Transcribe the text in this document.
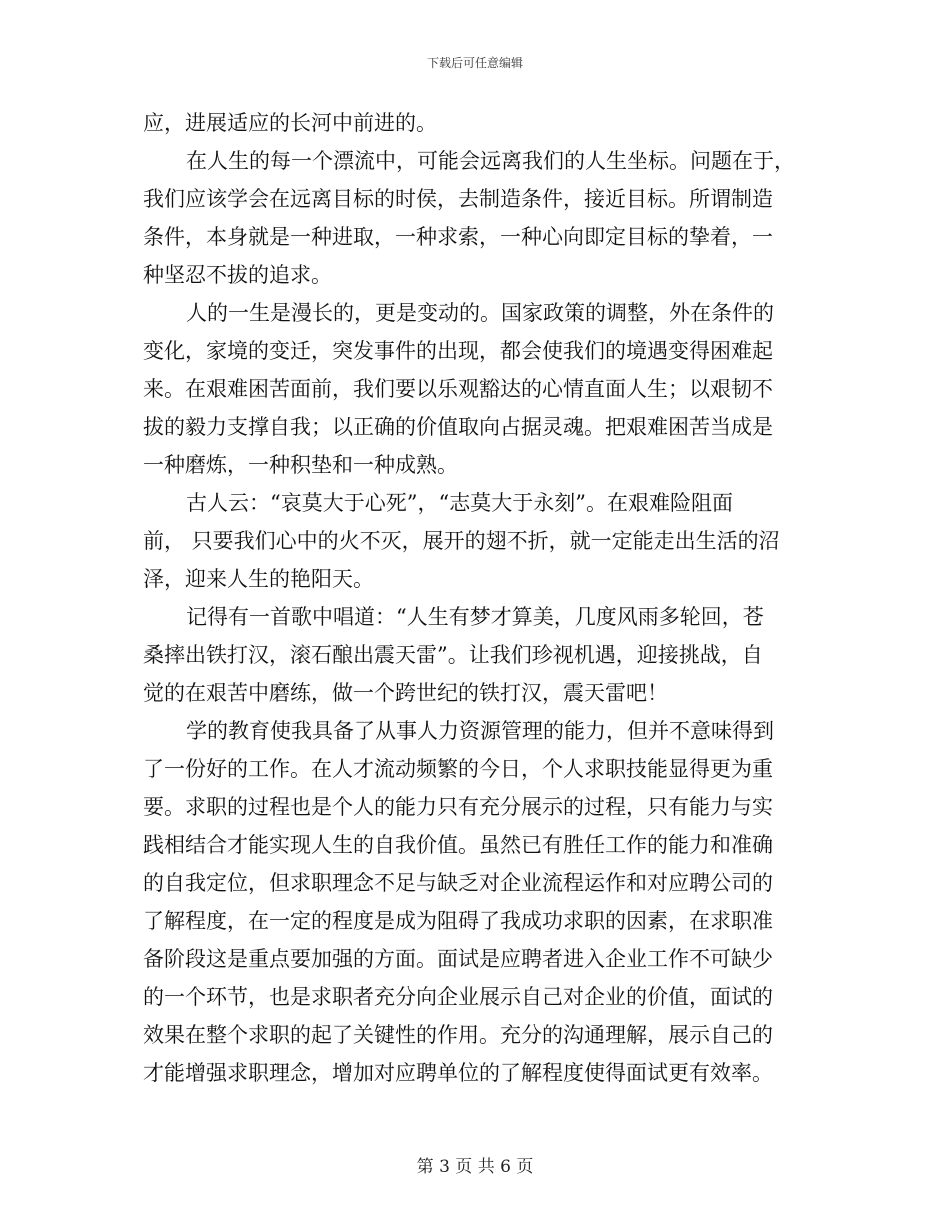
下载后可任意编辑
应，进展适应的长河中前进的。
在人生的每一个漂流中，可能会远离我们的人生坐标。问题在于，
我们应该学会在远离目标的时侯，去制造条件，接近目标。所谓制造
条件，本身就是一种进取，一种求索，一种心向即定目标的挚着，一
种坚忍不拔的追求。
人的一生是漫长的，更是变动的。国家政策的调整，外在条件的
变化，家境的变迁，突发事件的出现，都会使我们的境遇变得困难起
来。在艰难困苦面前，我们要以乐观豁达的心情直面人生；以艰韧不
拔的毅力支撑自我；以正确的价值取向占据灵魂。把艰难困苦当成是
一种磨炼，一种积垫和一种成熟。
古人云：“哀莫大于心死”，“志莫大于永刻”。在艰难险阻面
前， 只要我们心中的火不灭，展开的翅不折，就一定能走出生活的沼
泽，迎来人生的艳阳天。
记得有一首歌中唱道：“人生有梦才算美，几度风雨多轮回，苍
桑摔出铁打汉，滚石酿出震天雷”。让我们珍视机遇，迎接挑战，自
觉的在艰苦中磨练，做一个跨世纪的铁打汉，震天雷吧！
学的教育使我具备了从事人力资源管理的能力，但并不意味得到
了一份好的工作。在人才流动频繁的今日，个人求职技能显得更为重
要。求职的过程也是个人的能力只有充分展示的过程，只有能力与实
践相结合才能实现人生的自我价值。虽然已有胜任工作的能力和准确
的自我定位，但求职理念不足与缺乏对企业流程运作和对应聘公司的
了解程度，在一定的程度是成为阻碍了我成功求职的因素，在求职准
备阶段这是重点要加强的方面。面试是应聘者进入企业工作不可缺少
的一个环节，也是求职者充分向企业展示自己对企业的价值，面试的
效果在整个求职的起了关键性的作用。充分的沟通理解，展示自己的
才能增强求职理念，增加对应聘单位的了解程度使得面试更有效率。
第 3 页 共 6 页
